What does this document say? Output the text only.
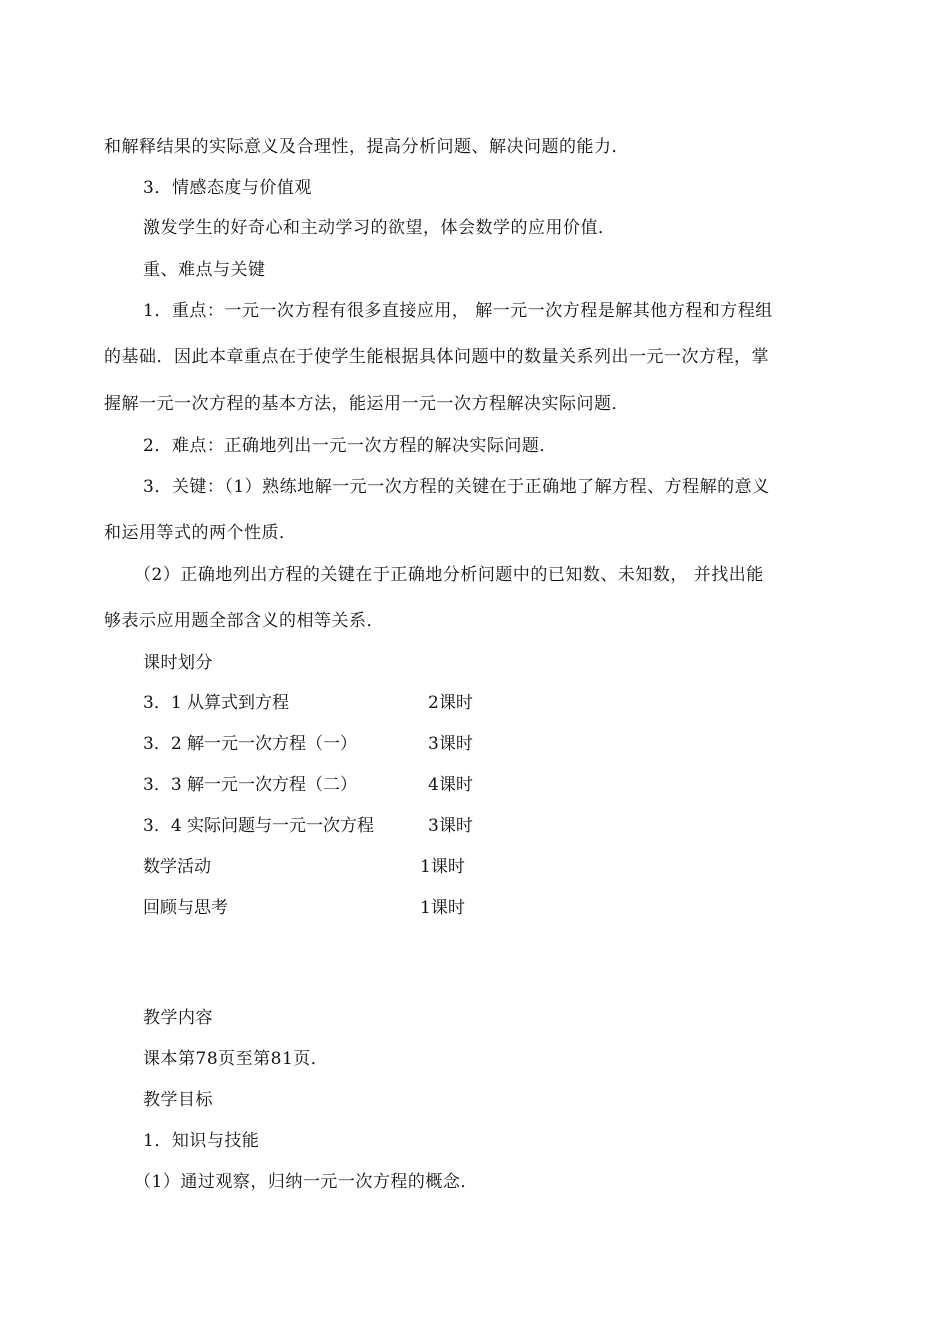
和解释结果的实际意义及合理性，提高分析问题、解决问题的能力．
3．情感态度与价值观
激发学生的好奇心和主动学习的欲望，体会数学的应用价值．
重、难点与关键
1．重点：一元一次方程有很多直接应用， 解一元一次方程是解其他方程和方程组
的基础．因此本章重点在于使学生能根据具体问题中的数量关系列出一元一次方程，掌
握解一元一次方程的基本方法，能运用一元一次方程解决实际问题．
2．难点：正确地列出一元一次方程的解决实际问题．
3．关键：（1）熟练地解一元一次方程的关键在于正确地了解方程、方程解的意义
和运用等式的两个性质．
（2）正确地列出方程的关键在于正确地分析问题中的已知数、未知数， 并找出能
够表示应用题全部含义的相等关系．
课时划分
3．1 从算式到方程	2课时
3．2 解一元一次方程（一）	3课时
3．3 解一元一次方程（二）	4课时
3．4 实际问题与一元一次方程	3课时
数学活动	1课时
回顾与思考	1课时
教学内容
课本第78页至第81页．
教学目标
1．知识与技能
（1）通过观察，归纳一元一次方程的概念．
